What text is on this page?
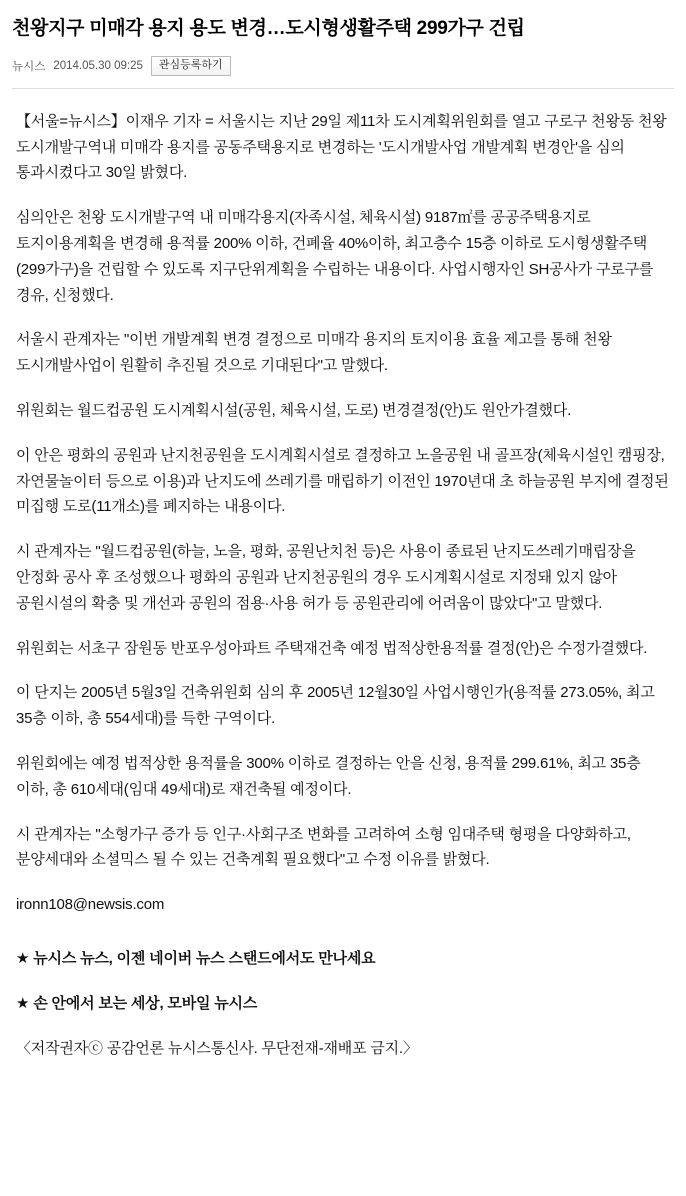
천왕지구 미매각 용지 용도 변경…도시형생활주택 299가구 건립
뉴시스 2014.05.30 09:25	관심등록하기

【서울=뉴시스】이재우 기자 = 서울시는 지난 29일 제11차 도시계획위원회를 열고 구로구 천왕동 천왕 도시개발구역내 미매각 용지를 공동주택용지로 변경하는 '도시개발사업 개발계획 변경안'을 심의 통과시켰다고 30일 밝혔다.

심의안은 천왕 도시개발구역 내 미매각용지(자족시설, 체육시설) 9187㎡를 공공주택용지로 토지이용계획을 변경해 용적률 200% 이하, 건폐율 40%이하, 최고층수 15층 이하로 도시형생활주택(299가구)을 건립할 수 있도록 지구단위계획을 수립하는 내용이다. 사업시행자인 SH공사가 구로구를 경유, 신청했다.

서울시 관계자는 "이번 개발계획 변경 결정으로 미매각 용지의 토지이용 효율 제고를 통해 천왕 도시개발사업이 원활히 추진될 것으로 기대된다"고 말했다.

위원회는 월드컵공원 도시계획시설(공원, 체육시설, 도로) 변경결정(안)도 원안가결했다.

이 안은 평화의 공원과 난지천공원을 도시계획시설로 결정하고 노을공원 내 골프장(체육시설인 캠핑장, 자연물놀이터 등으로 이용)과 난지도에 쓰레기를 매립하기 이전인 1970년대 초 하늘공원 부지에 결정된 미집행 도로(11개소)를 폐지하는 내용이다.

시 관계자는 "월드컵공원(하늘, 노을, 평화, 공원난치천 등)은 사용이 종료된 난지도쓰레기매립장을 안정화 공사 후 조성했으나 평화의 공원과 난지천공원의 경우 도시계획시설로 지정돼 있지 않아 공원시설의 확충 및 개선과 공원의 점용·사용 허가 등 공원관리에 어려움이 많았다"고 말했다.

위원회는 서초구 잠원동 반포우성아파트 주택재건축 예정 법적상한용적률 결정(안)은 수정가결했다.

이 단지는 2005년 5월3일 건축위원회 심의 후 2005년 12월30일 사업시행인가(용적률 273.05%, 최고 35층 이하, 총 554세대)를 득한 구역이다.

위원회에는 예정 법적상한 용적률을 300% 이하로 결정하는 안을 신청, 용적률 299.61%, 최고 35층 이하, 총 610세대(임대 49세대)로 재건축될 예정이다.

시 관계자는 "소형가구 증가 등 인구·사회구조 변화를 고려하여 소형 임대주택 형평을 다양화하고, 분양세대와 소셜믹스 될 수 있는 건축계획 필요했다"고 수정 이유를 밝혔다.

ironn108@newsis.com

★ 뉴시스 뉴스, 이젠 네이버 뉴스 스탠드에서도 만나세요

★ 손 안에서 보는 세상, 모바일 뉴시스

〈저작권자ⓒ 공감언론 뉴시스통신사. 무단전재-재배포 금지.〉
